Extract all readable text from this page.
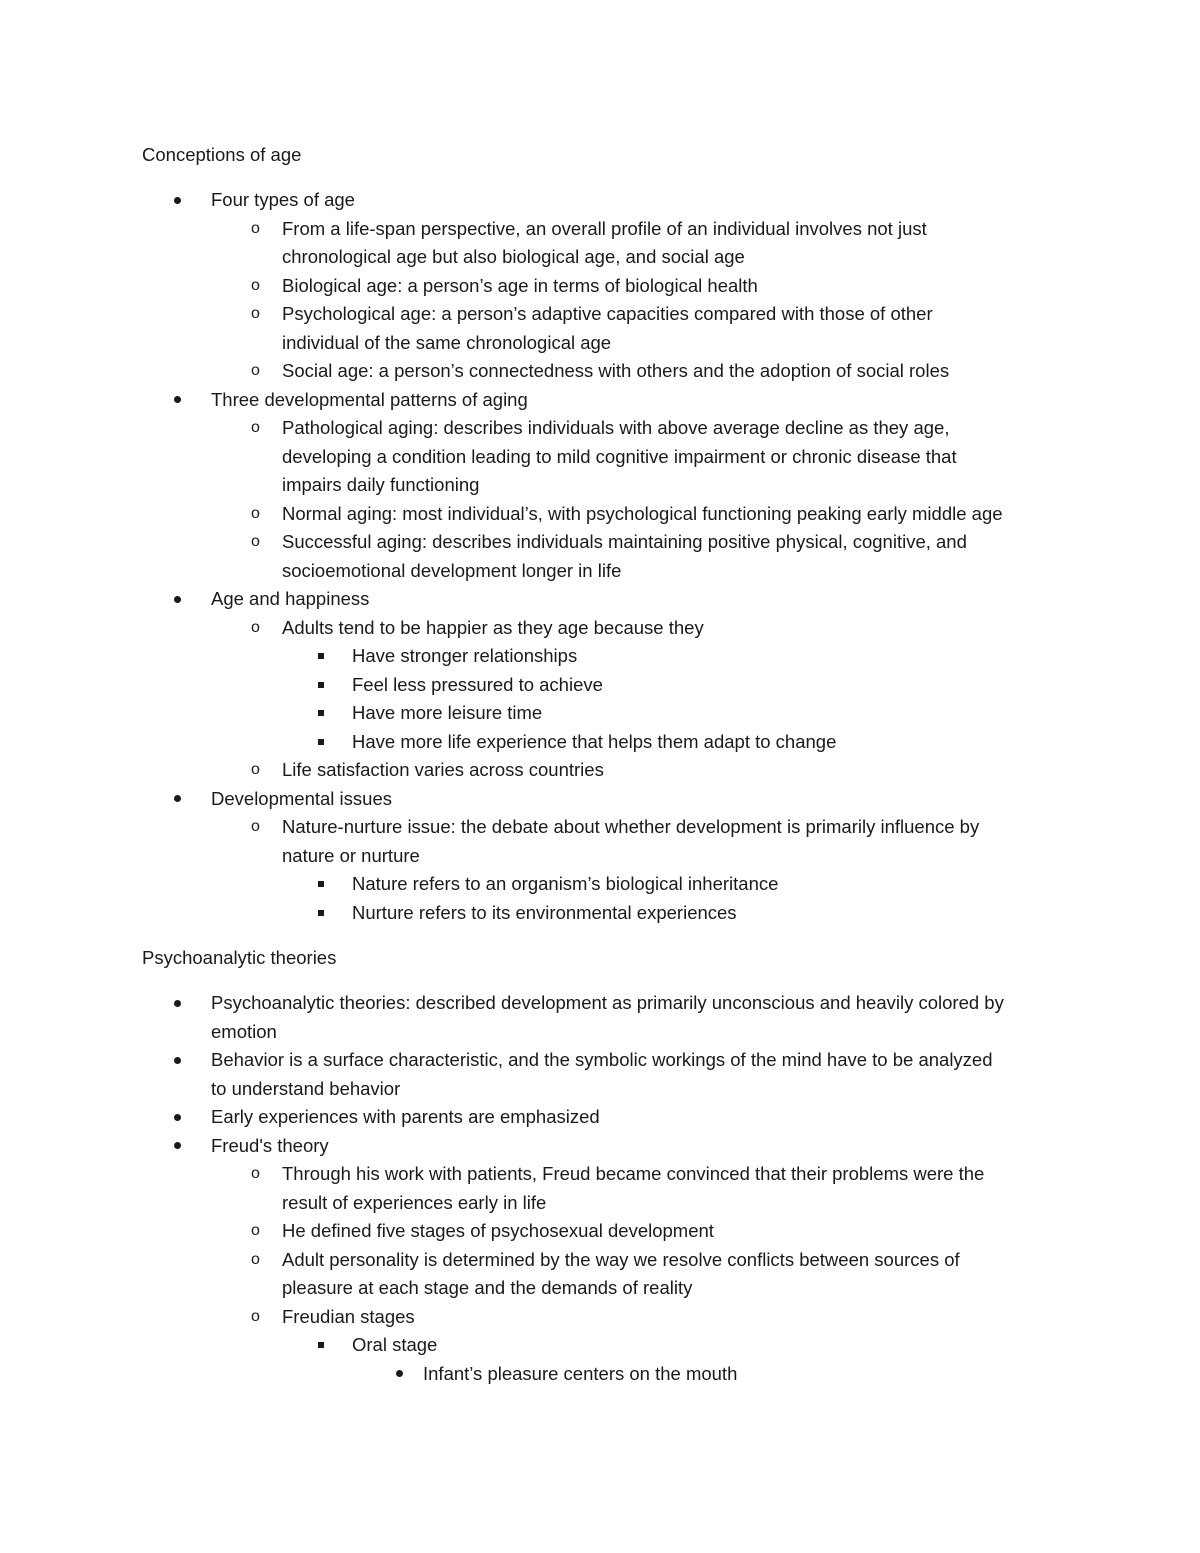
Conceptions of age
Four types of age
o From a life-span perspective, an overall profile of an individual involves not just
chronological age but also biological age, and social age
o Biological age: a person’s age in terms of biological health
o Psychological age: a person’s adaptive capacities compared with those of other
individual of the same chronological age
o Social age: a person’s connectedness with others and the adoption of social roles
Three developmental patterns of aging
o Pathological aging: describes individuals with above average decline as they age,
developing a condition leading to mild cognitive impairment or chronic disease that
impairs daily functioning
o Normal aging: most individual’s, with psychological functioning peaking early middle age
o Successful aging: describes individuals maintaining positive physical, cognitive, and
socioemotional development longer in life
Age and happiness
o Adults tend to be happier as they age because they
Have stronger relationships
Feel less pressured to achieve
Have more leisure time
Have more life experience that helps them adapt to change
o Life satisfaction varies across countries
Developmental issues
o Nature-nurture issue: the debate about whether development is primarily influence by
nature or nurture
Nature refers to an organism’s biological inheritance
Nurture refers to its environmental experiences
Psychoanalytic theories
Psychoanalytic theories: described development as primarily unconscious and heavily colored by
emotion
Behavior is a surface characteristic, and the symbolic workings of the mind have to be analyzed
to understand behavior
Early experiences with parents are emphasized
Freud's theory
o Through his work with patients, Freud became convinced that their problems were the
result of experiences early in life
o He defined five stages of psychosexual development
o Adult personality is determined by the way we resolve conflicts between sources of
pleasure at each stage and the demands of reality
o Freudian stages
Oral stage
Infant’s pleasure centers on the mouth
